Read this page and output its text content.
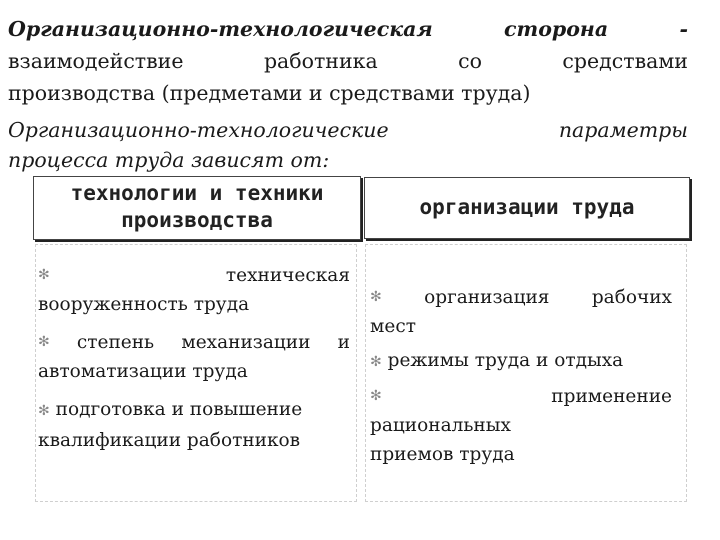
Организационно-технологическая	сторона	-
взаимодействие	работника	со	средствами
производства (предметами и средствами труда)
Организационно-технологические	параметры
процесса труда зависят от:
технологии и техники
производства
организации труда
✻	техническая
вооруженность труда
✻ степень механизации и
автоматизации труда
✻ подготовка и повышение
квалификации работников
✻ организация рабочих
мест
✻ режимы труда и отдыха
✻	применение
рациональных
приемов труда
